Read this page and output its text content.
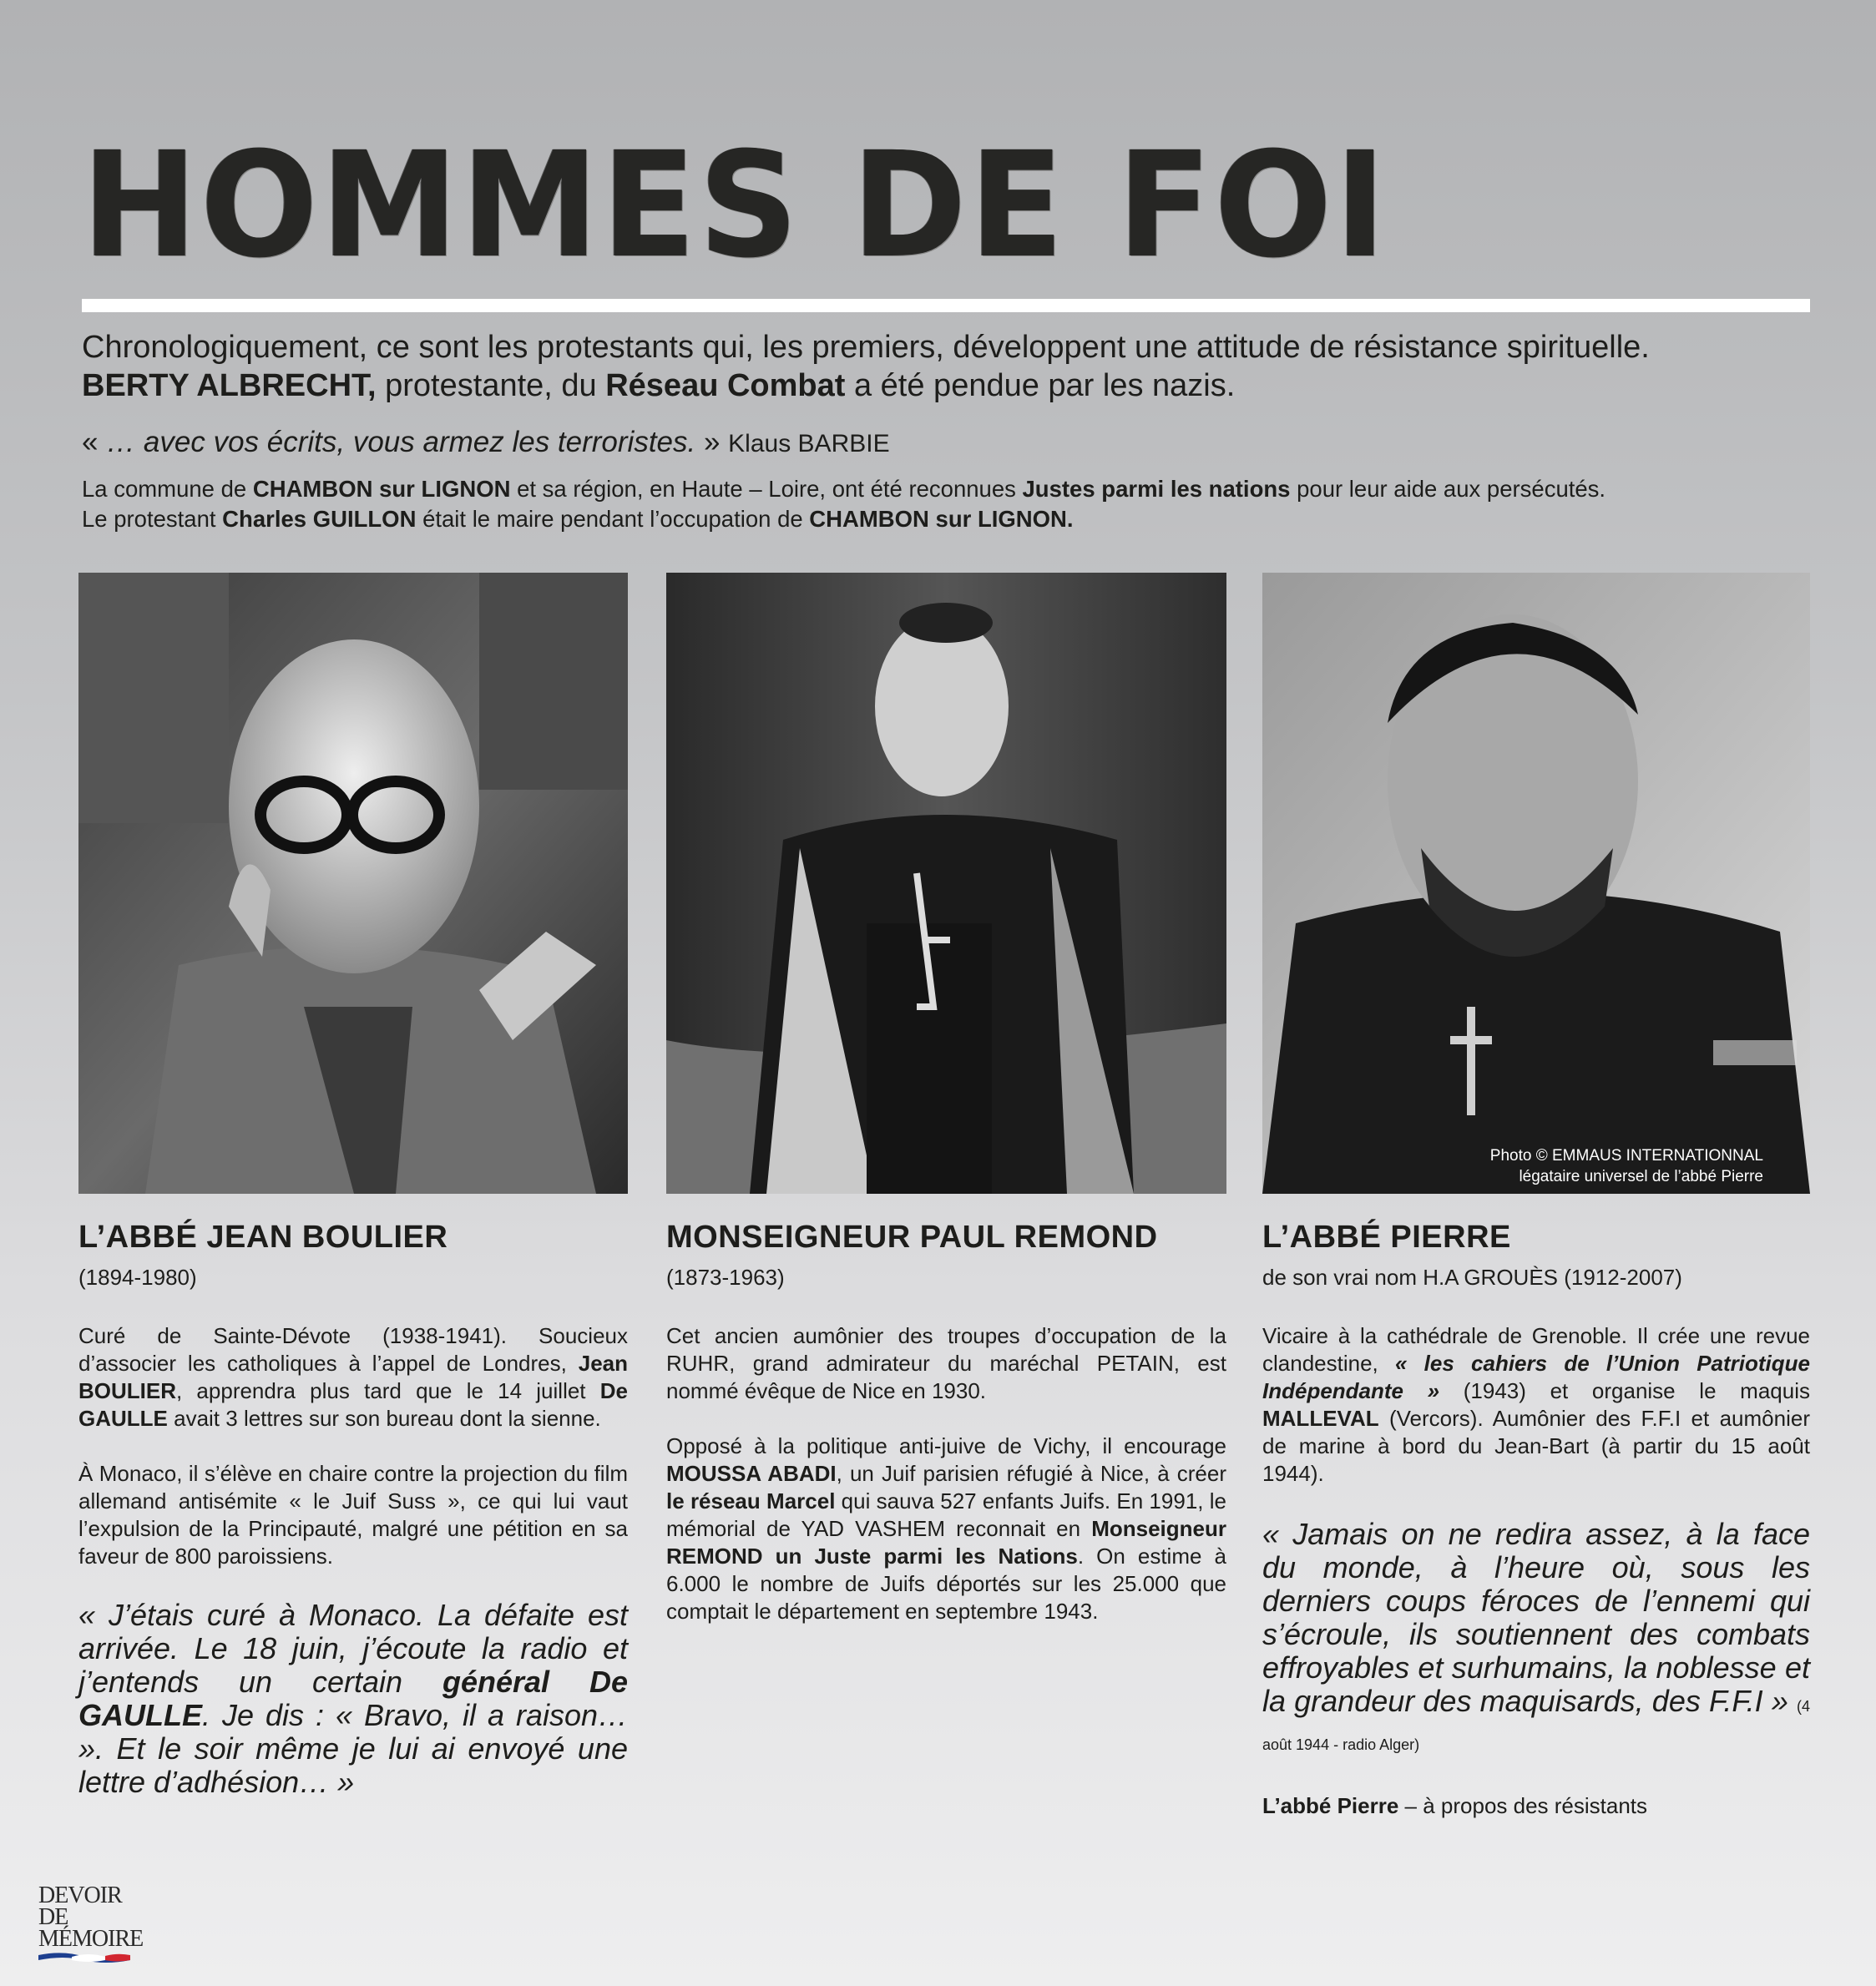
HOMMES DE FOI
Chronologiquement, ce sont les protestants qui, les premiers, développent une attitude de résistance spirituelle.
BERTY ALBRECHT, protestante, du Réseau Combat a été pendue par les nazis.
« … avec vos écrits, vous armez les terroristes. » Klaus BARBIE
La commune de CHAMBON sur LIGNON et sa région, en Haute – Loire, ont été reconnues Justes parmi les nations pour leur aide aux persécutés.
Le protestant Charles GUILLON était le maire pendant l’occupation de CHAMBON sur LIGNON.
Photo © EMMAUS INTERNATIONNAL
légataire universel de l’abbé Pierre
L’ABBÉ JEAN BOULIER
(1894-1980)

Curé de Sainte-Dévote (1938-1941). Soucieux d’associer les catholiques à l’appel de Londres, Jean BOULIER, apprendra plus tard que le 14 juillet De GAULLE avait 3 lettres sur son bureau dont la sienne.

À Monaco, il s’élève en chaire contre la projection du film allemand antisémite « le Juif Suss », ce qui lui vaut l’expulsion de la Principauté, malgré une pétition en sa faveur de 800 paroissiens.

« J’étais curé à Monaco. La défaite est arrivée. Le 18 juin, j’écoute la radio et j’entends un certain général De GAULLE. Je dis : « Bravo, il a raison… ». Et le soir même je lui ai envoyé une lettre d’adhésion… »

MONSEIGNEUR PAUL REMOND
(1873-1963)

Cet ancien aumônier des troupes d’occupation de la RUHR, grand admirateur du maréchal PETAIN, est nommé évêque de Nice en 1930.

Opposé à la politique anti-juive de Vichy, il encourage MOUSSA ABADI, un Juif parisien réfugié à Nice, à créer le réseau Marcel qui sauva 527 enfants Juifs. En 1991, le mémorial de YAD VASHEM reconnait en Monseigneur REMOND un Juste parmi les Nations. On estime à 6.000 le nombre de Juifs déportés sur les 25.000 que comptait le département en septembre 1943.

L’ABBÉ PIERRE
de son vrai nom H.A GROUÈS (1912-2007)

Vicaire à la cathédrale de Grenoble. Il crée une revue clandestine, « les cahiers de l’Union Patriotique Indépendante » (1943) et organise le maquis MALLEVAL (Vercors). Aumônier des F.F.I et aumônier de marine à bord du Jean-Bart (à partir du 15 août 1944).

« Jamais on ne redira assez, à la face du monde, à l’heure où, sous les derniers coups féroces de l’ennemi qui s’écroule, ils soutiennent des combats effroyables et surhumains, la noblesse et la grandeur des maquisards, des F.F.I » (4 août 1944 - radio Alger)

L’abbé Pierre – à propos des résistants
DEVOIR DE
MÉMOIRE
